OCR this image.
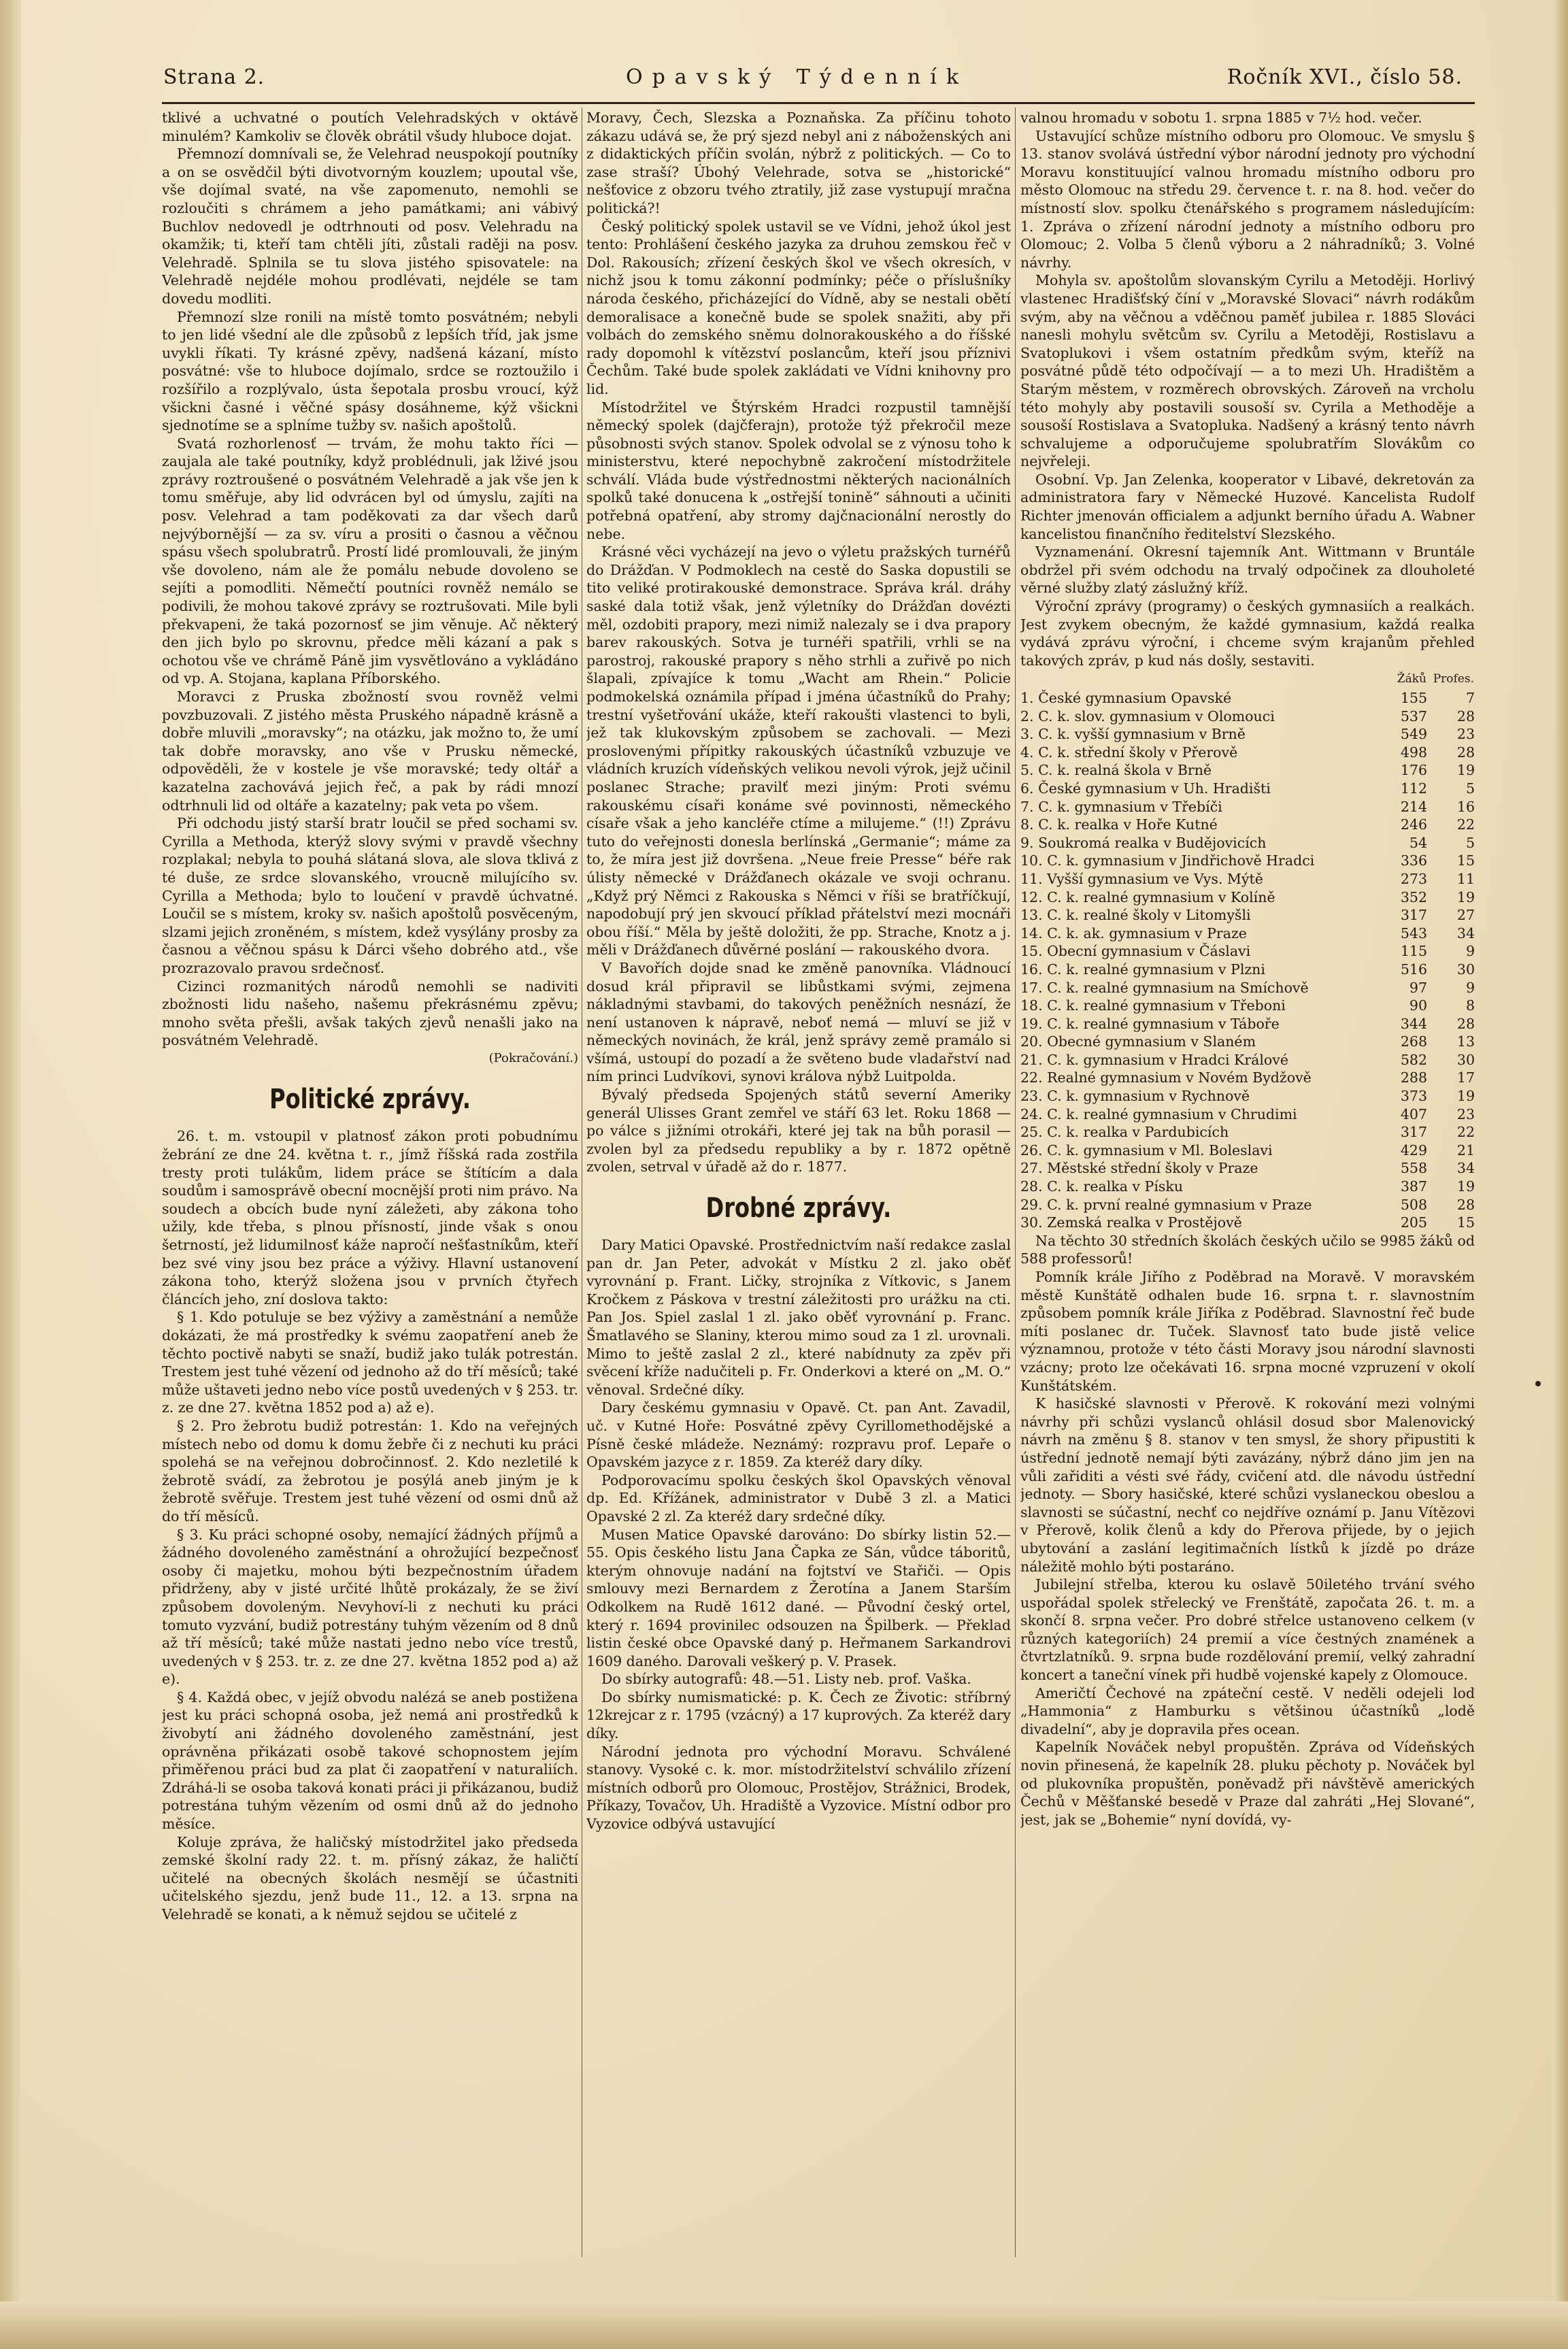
Strana 2.	Opavský Týdenník	Ročník XVI., číslo 58.

tklivé a uchvatné o poutích Velehradských v oktávě minulém? Kamkoliv se člověk obrátil všudy hluboce dojat.

Přemnozí domnívali se, že Velehrad neuspokojí poutníky a on se osvědčil býti divotvorným kouzlem; upoutal vše, vše dojímal svaté, na vše zapomenuto, nemohli se rozloučiti s chrámem a jeho památkami; ani vábivý Buchlov nedovedl je odtrhnouti od posv. Velehradu na okamžik; ti, kteří tam chtěli jíti, zůstali raději na posv. Velehradě. Splnila se tu slova jistého spisovatele: na Velehradě nejdéle mohou prodlévati, nejdéle se tam dovedu modliti.

Přemnozí slze ronili na místě tomto posvátném; nebyli to jen lidé všední ale dle způsobů z lepších tříd, jak jsme uvykli říkati. Ty krásné zpěvy, nadšená kázaní, místo posvátné: vše to hluboce dojímalo, srdce se roztoužilo i rozšířilo a rozplývalo, ústa šepotala prosbu vroucí, kýž všickni časné i věčné spásy dosáhneme, kýž všickni sjednotíme se a splníme tužby sv. našich apoštolů.

Svatá rozhorlenosť — trvám, že mohu takto říci — zaujala ale také poutníky, když problédnuli, jak lživé jsou zprávy roztroušené o posvátném Velehradě a jak vše jen k tomu směřuje, aby lid odvrácen byl od úmyslu, zajíti na posv. Velehrad a tam poděkovati za dar všech darů nejvýbornější — za sv. víru a prositi o časnou a věčnou spásu všech spolubratrů. Prostí lidé promlouvali, že jiným vše dovoleno, nám ale že pomálu nebude dovoleno se sejíti a pomodliti. Němečtí poutníci rovněž nemálo se podivili, že mohou takové zprávy se roztrušovati. Mile byli překvapeni, že taká pozornosť se jim věnuje. Ač některý den jich bylo po skrovnu, předce měli kázaní a pak s ochotou vše ve chrámě Páně jim vysvětlováno a vykládáno od vp. A. Stojana, kaplana Příborského.

Moravci z Pruska zbožností svou rovněž velmi povzbuzovali. Z jistého města Pruského nápadně krásně a dobře mluvili „moravsky“; na otázku, jak možno to, že umí tak dobře moravsky, ano vše v Prusku německé, odpověděli, že v kostele je vše moravské; tedy oltář a kazatelna zachovává jejich řeč, a pak by rádi mnozí odtrhnuli lid od oltáře a kazatelny; pak veta po všem.

Při odchodu jistý starší bratr loučil se před sochami sv. Cyrilla a Methoda, kterýž slovy svými v pravdě všechny rozplakal; nebyla to pouhá slátaná slova, ale slova tklivá z té duše, ze srdce slovanského, vroucně milujícího sv. Cyrilla a Methoda; bylo to loučení v pravdě úchvatné. Loučil se s místem, kroky sv. našich apoštolů posvěceným, slzami jejich zroněném, s místem, kdež vysýlány prosby za časnou a věčnou spásu k Dárci všeho dobrého atd., vše prozrazovalo pravou srdečnosť.

Cizinci rozmanitých národů nemohli se nadiviti zbožnosti lidu našeho, našemu překrásnému zpěvu; mnoho světa přešli, avšak takých zjevů nenašli jako na posvátném Velehradě.

(Pokračování.)

Politické zprávy.

26. t. m. vstoupil v platnosť zákon proti pobudnímu žebrání ze dne 24. května t. r., jímž říšská rada zostřila tresty proti tulákům, lidem práce se štítícím a dala soudům i samosprávě obecní mocnější proti nim právo. Na soudech a obcích bude nyní záležeti, aby zákona toho užily, kde třeba, s plnou přísností, jinde však s onou šetrností, jež lidumilnosť káže napročí nešťastníkům, kteří bez své viny jsou bez práce a výživy. Hlavní ustanovení zákona toho, kterýž složena jsou v prvních čtyřech článcích jeho, zní doslova takto:

§ 1. Kdo potuluje se bez výživy a zaměstnání a nemůže dokázati, že má prostředky k svému zaopatření aneb že těchto poctivě nabyti se snaží, budiž jako tulák potrestán. Trestem jest tuhé vězení od jednoho až do tří měsíců; také může uštaveti jedno nebo více postů uvedených v § 253. tr. z. ze dne 27. května 1852 pod a) až e).

§ 2. Pro žebrotu budiž potrestán: 1. Kdo na veřejných místech nebo od domu k domu žebře či z nechuti ku práci spolehá se na veřejnou dobročinnosť. 2. Kdo nezletilé k žebrotě svádí, za žebrotou je posýlá aneb jiným je k žebrotě svěřuje. Trestem jest tuhé vězení od osmi dnů až do tří měsíců.

§ 3. Ku práci schopné osoby, nemající žádných příjmů a žádného dovoleného zaměstnání a ohrožující bezpečnosť osoby či majetku, mohou býti bezpečnostním úřadem přidrženy, aby v jisté určité lhůtě prokázaly, že se živí způsobem dovoleným. Nevyhoví-li z nechuti ku práci tomuto vyzvání, budiž potrestány tuhým vězením od 8 dnů až tří měsíců; také může nastati jedno nebo více trestů, uvedených v § 253. tr. z. ze dne 27. května 1852 pod a) až e).

§ 4. Každá obec, v jejíž obvodu nalézá se aneb postižena jest ku práci schopná osoba, jež nemá ani prostředků k živobytí ani žádného dovoleného zaměstnání, jest oprávněna přikázati osobě takové schopnostem jejím přiměřenou práci bud za plat či zaopatření v naturaliích. Zdráhá-li se osoba taková konati práci ji přikázanou, budiž potrestána tuhým vězením od osmi dnů až do jednoho měsíce.

Koluje zpráva, že haličský místodržitel jako předseda zemské školní rady 22. t. m. přísný zákaz, že haličtí učitelé na obecných školách nesmějí se účastniti učitelského sjezdu, jenž bude 11., 12. a 13. srpna na Velehradě se konati, a k němuž sejdou se učitelé z

Moravy, Čech, Slezska a Poznaňska. Za příčinu tohoto zákazu udává se, že prý sjezd nebyl ani z náboženských ani z didaktických příčin svolán, nýbrž z politických. — Co to zase straší? Úbohý Velehrade, sotva se „historické“ nešťovice z obzoru tvého ztratily, již zase vystupují mračna politická?!

Český politický spolek ustavil se ve Vídni, jehož úkol jest tento: Prohlášení českého jazyka za druhou zemskou řeč v Dol. Rakousích; zřízení českých škol ve všech okresích, v nichž jsou k tomu zákonní podmínky; péče o příslušníky národa českého, přicházející do Vídně, aby se nestali obětí demoralisace a konečně bude se spolek snažiti, aby při volbách do zemského sněmu dolnorakouského a do říšské rady dopomohl k vítězství poslancům, kteří jsou příznivi Čechům. Také bude spolek zakládati ve Vídni knihovny pro lid.

Místodržitel ve Štýrském Hradci rozpustil tamnější německý spolek (dajčferajn), protože týž překročil meze působnosti svých stanov. Spolek odvolal se z výnosu toho k ministerstvu, které nepochybně zakročení místodržitele schválí. Vláda bude výstřednostmi některých nacionálních spolků také donucena k „ostřejší tonině“ sáhnouti a učiniti potřebná opatření, aby stromy dajčnacionální nerostly do nebe.

Krásné věci vycházejí na jevo o výletu pražských turnéřů do Drážďan. V Podmoklech na cestě do Saska dopustili se tito veliké protirakouské demonstrace. Správa král. dráhy saské dala totiž však, jenž výletníky do Drážďan dovézti měl, ozdobiti prapory, mezi nimiž nalezaly se i dva prapory barev rakouských. Sotva je turnéři spatřili, vrhli se na parostroj, rakouské prapory s něho strhli a zuřivě po nich šlapali, zpívajíce k tomu „Wacht am Rhein.“ Policie podmokelská oznámila případ i jména účastníků do Prahy; trestní vyšetřování ukáže, kteří rakoušti vlastenci to byli, jež tak klukovským způsobem se zachovali. — Mezi proslovenými přípitky rakouských účastníků vzbuzuje ve vládních kruzích vídeňských velikou nevoli výrok, jejž učinil poslanec Strache; pravilť mezi jiným: Proti svému rakouskému císaři konáme své povinnosti, německého císaře však a jeho kancléře ctíme a milujeme.“ (!!) Zprávu tuto do veřejnosti donesla berlínská „Germanie“; máme za to, že míra jest již dovršena. „Neue freie Presse“ béře rak úlisty německé v Drážďanech okázale ve svoji ochranu. „Když prý Němci z Rakouska s Němci v říši se bratříčkují, napodobují prý jen skvoucí příklad přátelství mezi mocnáři obou říší.“ Měla by ještě doložiti, že pp. Strache, Knotz a j. měli v Drážďanech důvěrné poslání — rakouského dvora.

V Bavořích dojde snad ke změně panovníka. Vládnoucí dosud král připravil se libůstkami svými, zejmena nákladnými stavbami, do takových peněžních nesnází, že není ustanoven k nápravě, neboť nemá — mluví se již v německých novinách, že král, jenž správy země pramálo si všímá, ustoupí do pozadí a že světeno bude vladařství nad ním princi Ludvíkovi, synovi králova nýbž Luitpolda.

Bývalý předseda Spojených států severní Ameriky generál Ulisses Grant zemřel ve stáří 63 let. Roku 1868 — po válce s jižními otrokáři, které jej tak na bůh porasil — zvolen byl za předsedu republiky a by r. 1872 opětně zvolen, setrval v úřadě až do r. 1877.

Drobné zprávy.

Dary Matici Opavské. Prostřednictvím naší redakce zaslal pan dr. Jan Peter, advokát v Místku 2 zl. jako oběť vyrovnání p. Frant. Ličky, strojníka z Vítkovic, s Janem Kročkem z Páskova v trestní záležitosti pro urážku na cti. Pan Jos. Spiel zaslal 1 zl. jako oběť vyrovnání p. Franc. Šmatlavého se Slaniny, kterou mimo soud za 1 zl. urovnali. Mimo to ještě zaslal 2 zl., které nabídnuty za zpěv při svěcení kříže nadučiteli p. Fr. Onderkovi a které on „M. O.“ věnoval. Srdečné díky.

Dary českému gymnasiu v Opavě. Ct. pan Ant. Zavadil, uč. v Kutné Hoře: Posvátné zpěvy Cyrillomethodějské a Písně české mládeže. Neznámý: rozpravu prof. Lepaře o Opavském jazyce z r. 1859. Za kteréž dary díky.

Podporovacímu spolku českých škol Opavských věnoval dp. Ed. Křížánek, administrator v Dubě 3 zl. a Matici Opavské 2 zl. Za kteréž dary srdečné díky.

Musen Matice Opavské darováno: Do sbírky listin 52.—55. Opis českého listu Jana Čapka ze Sán, vůdce táboritů, kterým ohnovuje nadání na fojtství ve Stařiči. — Opis smlouvy mezi Bernardem z Žerotína a Janem Starším Odkolkem na Rudě 1612 dané. — Původní český ortel, který r. 1694 provinilec odsouzen na Špilberk. — Překlad listin české obce Opavské daný p. Heřmanem Sarkandrovi 1609 daného. Darovali veškerý p. V. Prasek.

Do sbírky autografů: 48.—51. Listy neb. prof. Vaška.

Do sbírky numismatické: p. K. Čech ze Životic: stříbrný 12krejcar z r. 1795 (vzácný) a 17 kuprových. Za kteréž dary díky.

Národní jednota pro východní Moravu. Schválené stanovy. Vysoké c. k. mor. místodržitelství schválilo zřízení místních odborů pro Olomouc, Prostějov, Strážnici, Brodek, Příkazy, Tovačov, Uh. Hradiště a Vyzovice. Místní odbor pro Vyzovice odbývá ustavující

valnou hromadu v sobotu 1. srpna 1885 v 7½ hod. večer.

Ustavující schůze místního odboru pro Olomouc. Ve smyslu § 13. stanov svolává ústřední výbor národní jednoty pro východní Moravu konstituující valnou hromadu místního odboru pro město Olomouc na středu 29. července t. r. na 8. hod. večer do místností slov. spolku čtenářského s programem následujícím: 1. Zpráva o zřízení národní jednoty a místního odboru pro Olomouc; 2. Volba 5 členů výboru a 2 náhradníků; 3. Volné návrhy.

Mohyla sv. apoštolům slovanským Cyrilu a Metoději. Horlivý vlastenec Hradišťský číní v „Moravské Slovaci“ návrh rodákům svým, aby na věčnou a vděčnou paměť jubilea r. 1885 Slováci nanesli mohylu světcům sv. Cyrilu a Metoději, Rostislavu a Svatoplukovi i všem ostatním předkům svým, kteříž na posvátné půdě této odpočívají — a to mezi Uh. Hradištěm a Starým městem, v rozměrech obrovských. Zároveň na vrcholu této mohyly aby postavili sousoší sv. Cyrila a Methoděje a sousoší Rostislava a Svatopluka. Nadšený a krásný tento návrh schvalujeme a odporučujeme spolubratřím Slovákům co nejvřeleji.

Osobní. Vp. Jan Zelenka, kooperator v Libavé, dekretován za administratora fary v Německé Huzové. Kancelista Rudolf Richter jmenován officialem a adjunkt berního úřadu A. Wabner kancelistou finančního ředitelství Slezského.

Vyznamenání. Okresní tajemník Ant. Wittmann v Bruntále obdržel při svém odchodu na trvalý odpočinek za dlouholeté věrné služby zlatý záslužný kříž.

Výroční zprávy (programy) o českých gymnasiích a realkách. Jest zvykem obecným, že každé gymnasium, každá realka vydává zprávu výroční, i chceme svým krajanům přehled takových zpráv, p kud nás došly, sestaviti.

	Žáků	Profes.
1. České gymnasium Opavské	155	7
2. C. k. slov. gymnasium v Olomouci	537	28
3. C. k. vyšší gymnasium v Brně	549	23
4. C. k. střední školy v Přerově	498	28
5. C. k. realná škola v Brně	176	19
6. České gymnasium v Uh. Hradišti	112	5
7. C. k. gymnasium v Třebíči	214	16
8. C. k. realka v Hoře Kutné	246	22
9. Soukromá realka v Budějovicích	54	5
10. C. k. gymnasium v Jindřichově Hradci	336	15
11. Vyšší gymnasium ve Vys. Mýtě	273	11
12. C. k. realné gymnasium v Kolíně	352	19
13. C. k. realné školy v Litomyšli	317	27
14. C. k. ak. gymnasium v Praze	543	34
15. Obecní gymnasium v Čáslavi	115	9
16. C. k. realné gymnasium v Plzni	516	30
17. C. k. realné gymnasium na Smíchově	97	9
18. C. k. realné gymnasium v Třeboni	90	8
19. C. k. realné gymnasium v Táboře	344	28
20. Obecné gymnasium v Slaném	268	13
21. C. k. gymnasium v Hradci Králové	582	30
22. Realné gymnasium v Novém Bydžově	288	17
23. C. k. gymnasium v Rychnově	373	19
24. C. k. realné gymnasium v Chrudimi	407	23
25. C. k. realka v Pardubicích	317	22
26. C. k. gymnasium v Ml. Boleslavi	429	21
27. Městské střední školy v Praze	558	34
28. C. k. realka v Písku	387	19
29. C. k. první realné gymnasium v Praze	508	28
30. Zemská realka v Prostějově	205	15

Na těchto 30 středních školách českých učilo se 9985 žáků od 588 professorů!

Pomník krále Jiřího z Poděbrad na Moravě. V moravském městě Kunštátě odhalen bude 16. srpna t. r. slavnostním způsobem pomník krále Jiříka z Poděbrad. Slavnostní řeč bude míti poslanec dr. Tuček. Slavnosť tato bude jistě velice významnou, protože v této části Moravy jsou národní slavnosti vzácny; proto lze očekávati 16. srpna mocné vzpruzení v okolí Kunštátském.

K hasičské slavnosti v Přerově. K rokování mezi volnými návrhy při schůzi vyslanců ohlásil dosud sbor Malenovický návrh na změnu § 8. stanov v ten smysl, že shory připustiti k ústřední jednotě nemají býti zavázány, nýbrž dáno jim jen na vůli zařiditi a vésti své řády, cvičení atd. dle návodu ústřední jednoty. — Sbory hasičské, které schůzi vyslaneckou obeslou a slavnosti se súčastní, nechť co nejdříve oznámí p. Janu Vítězovi v Přerově, kolik členů a kdy do Přerova přijede, by o jejich ubytování a zaslání legitimačních lístků k jízdě po dráze náležitě mohlo býti postaráno.

Jubilejní střelba, kterou ku oslavě 50iletého trvání svého uspořádal spolek střelecký ve Frenštátě, započata 26. t. m. a skončí 8. srpna večer. Pro dobré střelce ustanoveno celkem (v různých kategoriích) 24 premií a více čestných znamének a čtvrtzlatníků. 9. srpna bude rozdělování premií, velký zahradní koncert a taneční vínek při hudbě vojenské kapely z Olomouce.

Američtí Čechové na zpáteční cestě. V neděli odejeli loď „Hammonia“ z Hamburku s většinou účastníků „lodě divadelní“, aby je dopravila přes ocean.

Kapelník Nováček nebyl propuštěn. Zpráva od Vídeňských novin přinesená, že kapelník 28. pluku pěchoty p. Nováček byl od plukovníka propuštěn, poněvadž při návštěvě amerických Čechů v Měšťanské besedě v Praze dal zahráti „Hej Slované“, jest, jak se „Bohemie“ nyní dovídá, vy-
